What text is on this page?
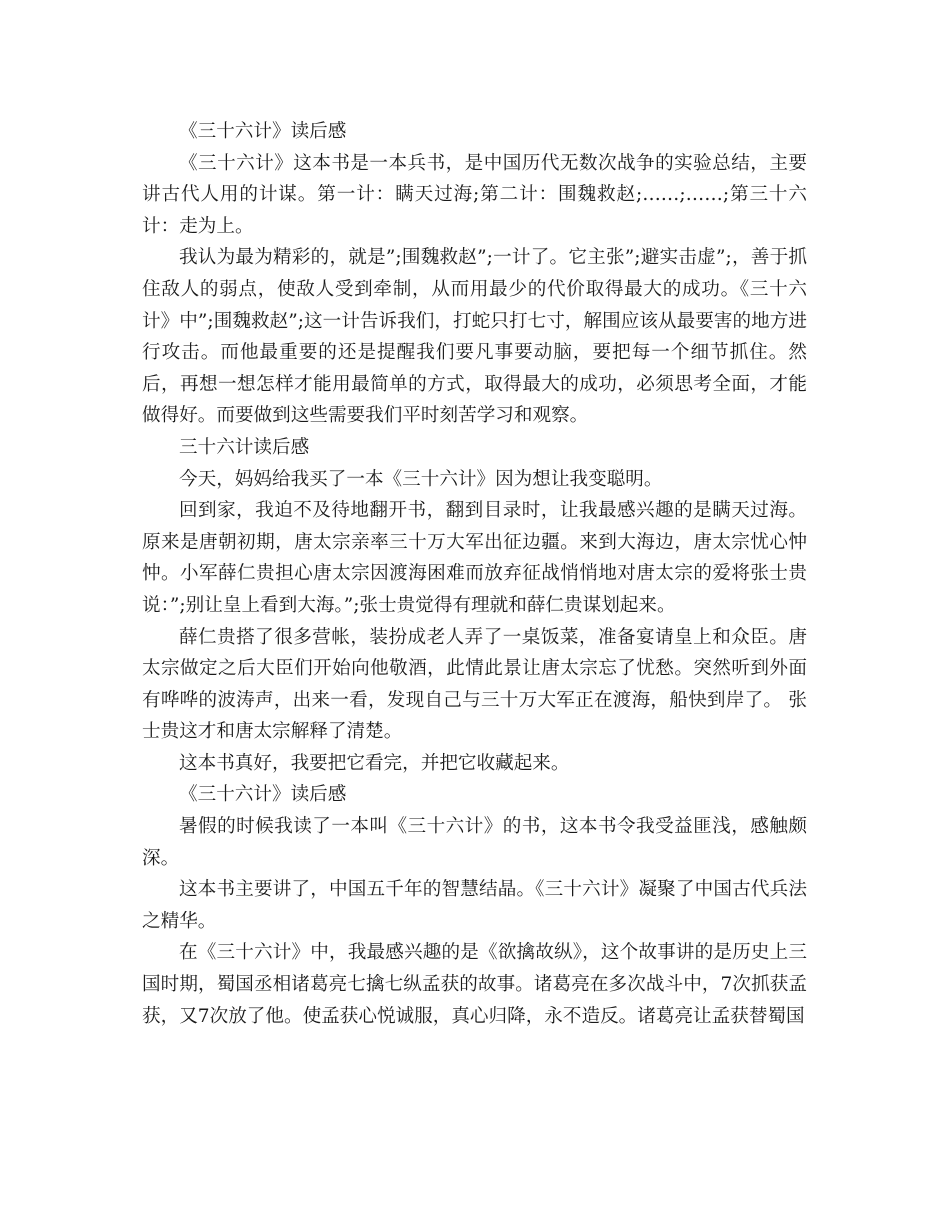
《三十六计》读后感

《三十六计》这本书是一本兵书，是中国历代无数次战争的实验总结，主要讲古代人用的计谋。第一计：瞒天过海;第二计：围魏救赵;……;……;第三十六计：走为上。

我认为最为精彩的，就是”;围魏救赵”;一计了。它主张”;避实击虚”;，善于抓住敌人的弱点，使敌人受到牵制，从而用最少的代价取得最大的成功。《三十六计》中”;围魏救赵”;这一计告诉我们，打蛇只打七寸，解围应该从最要害的地方进行攻击。而他最重要的还是提醒我们要凡事要动脑，要把每一个细节抓住。然后，再想一想怎样才能用最简单的方式，取得最大的成功，必须思考全面，才能做得好。而要做到这些需要我们平时刻苦学习和观察。

三十六计读后感

今天，妈妈给我买了一本《三十六计》因为想让我变聪明。

回到家，我迫不及待地翻开书，翻到目录时，让我最感兴趣的是瞒天过海。原来是唐朝初期，唐太宗亲率三十万大军出征边疆。来到大海边，唐太宗忧心忡忡。小军薛仁贵担心唐太宗因渡海困难而放弃征战悄悄地对唐太宗的爱将张士贵说：”;别让皇上看到大海。”;张士贵觉得有理就和薛仁贵谋划起来。

薛仁贵搭了很多营帐，装扮成老人弄了一桌饭菜，准备宴请皇上和众臣。唐太宗做定之后大臣们开始向他敬酒，此情此景让唐太宗忘了忧愁。突然听到外面有哗哗的波涛声，出来一看，发现自己与三十万大军正在渡海，船快到岸了。 张士贵这才和唐太宗解释了清楚。

这本书真好，我要把它看完，并把它收藏起来。

《三十六计》读后感

暑假的时候我读了一本叫《三十六计》的书，这本书令我受益匪浅，感触颇深。

这本书主要讲了，中国五千年的智慧结晶。《三十六计》凝聚了中国古代兵法之精华。

在《三十六计》中，我最感兴趣的是《欲擒故纵》，这个故事讲的是历史上三国时期，蜀国丞相诸葛亮七擒七纵孟获的故事。诸葛亮在多次战斗中，7次抓获孟获，又7次放了他。使孟获心悦诚服，真心归降，永不造反。诸葛亮让孟获替蜀国
